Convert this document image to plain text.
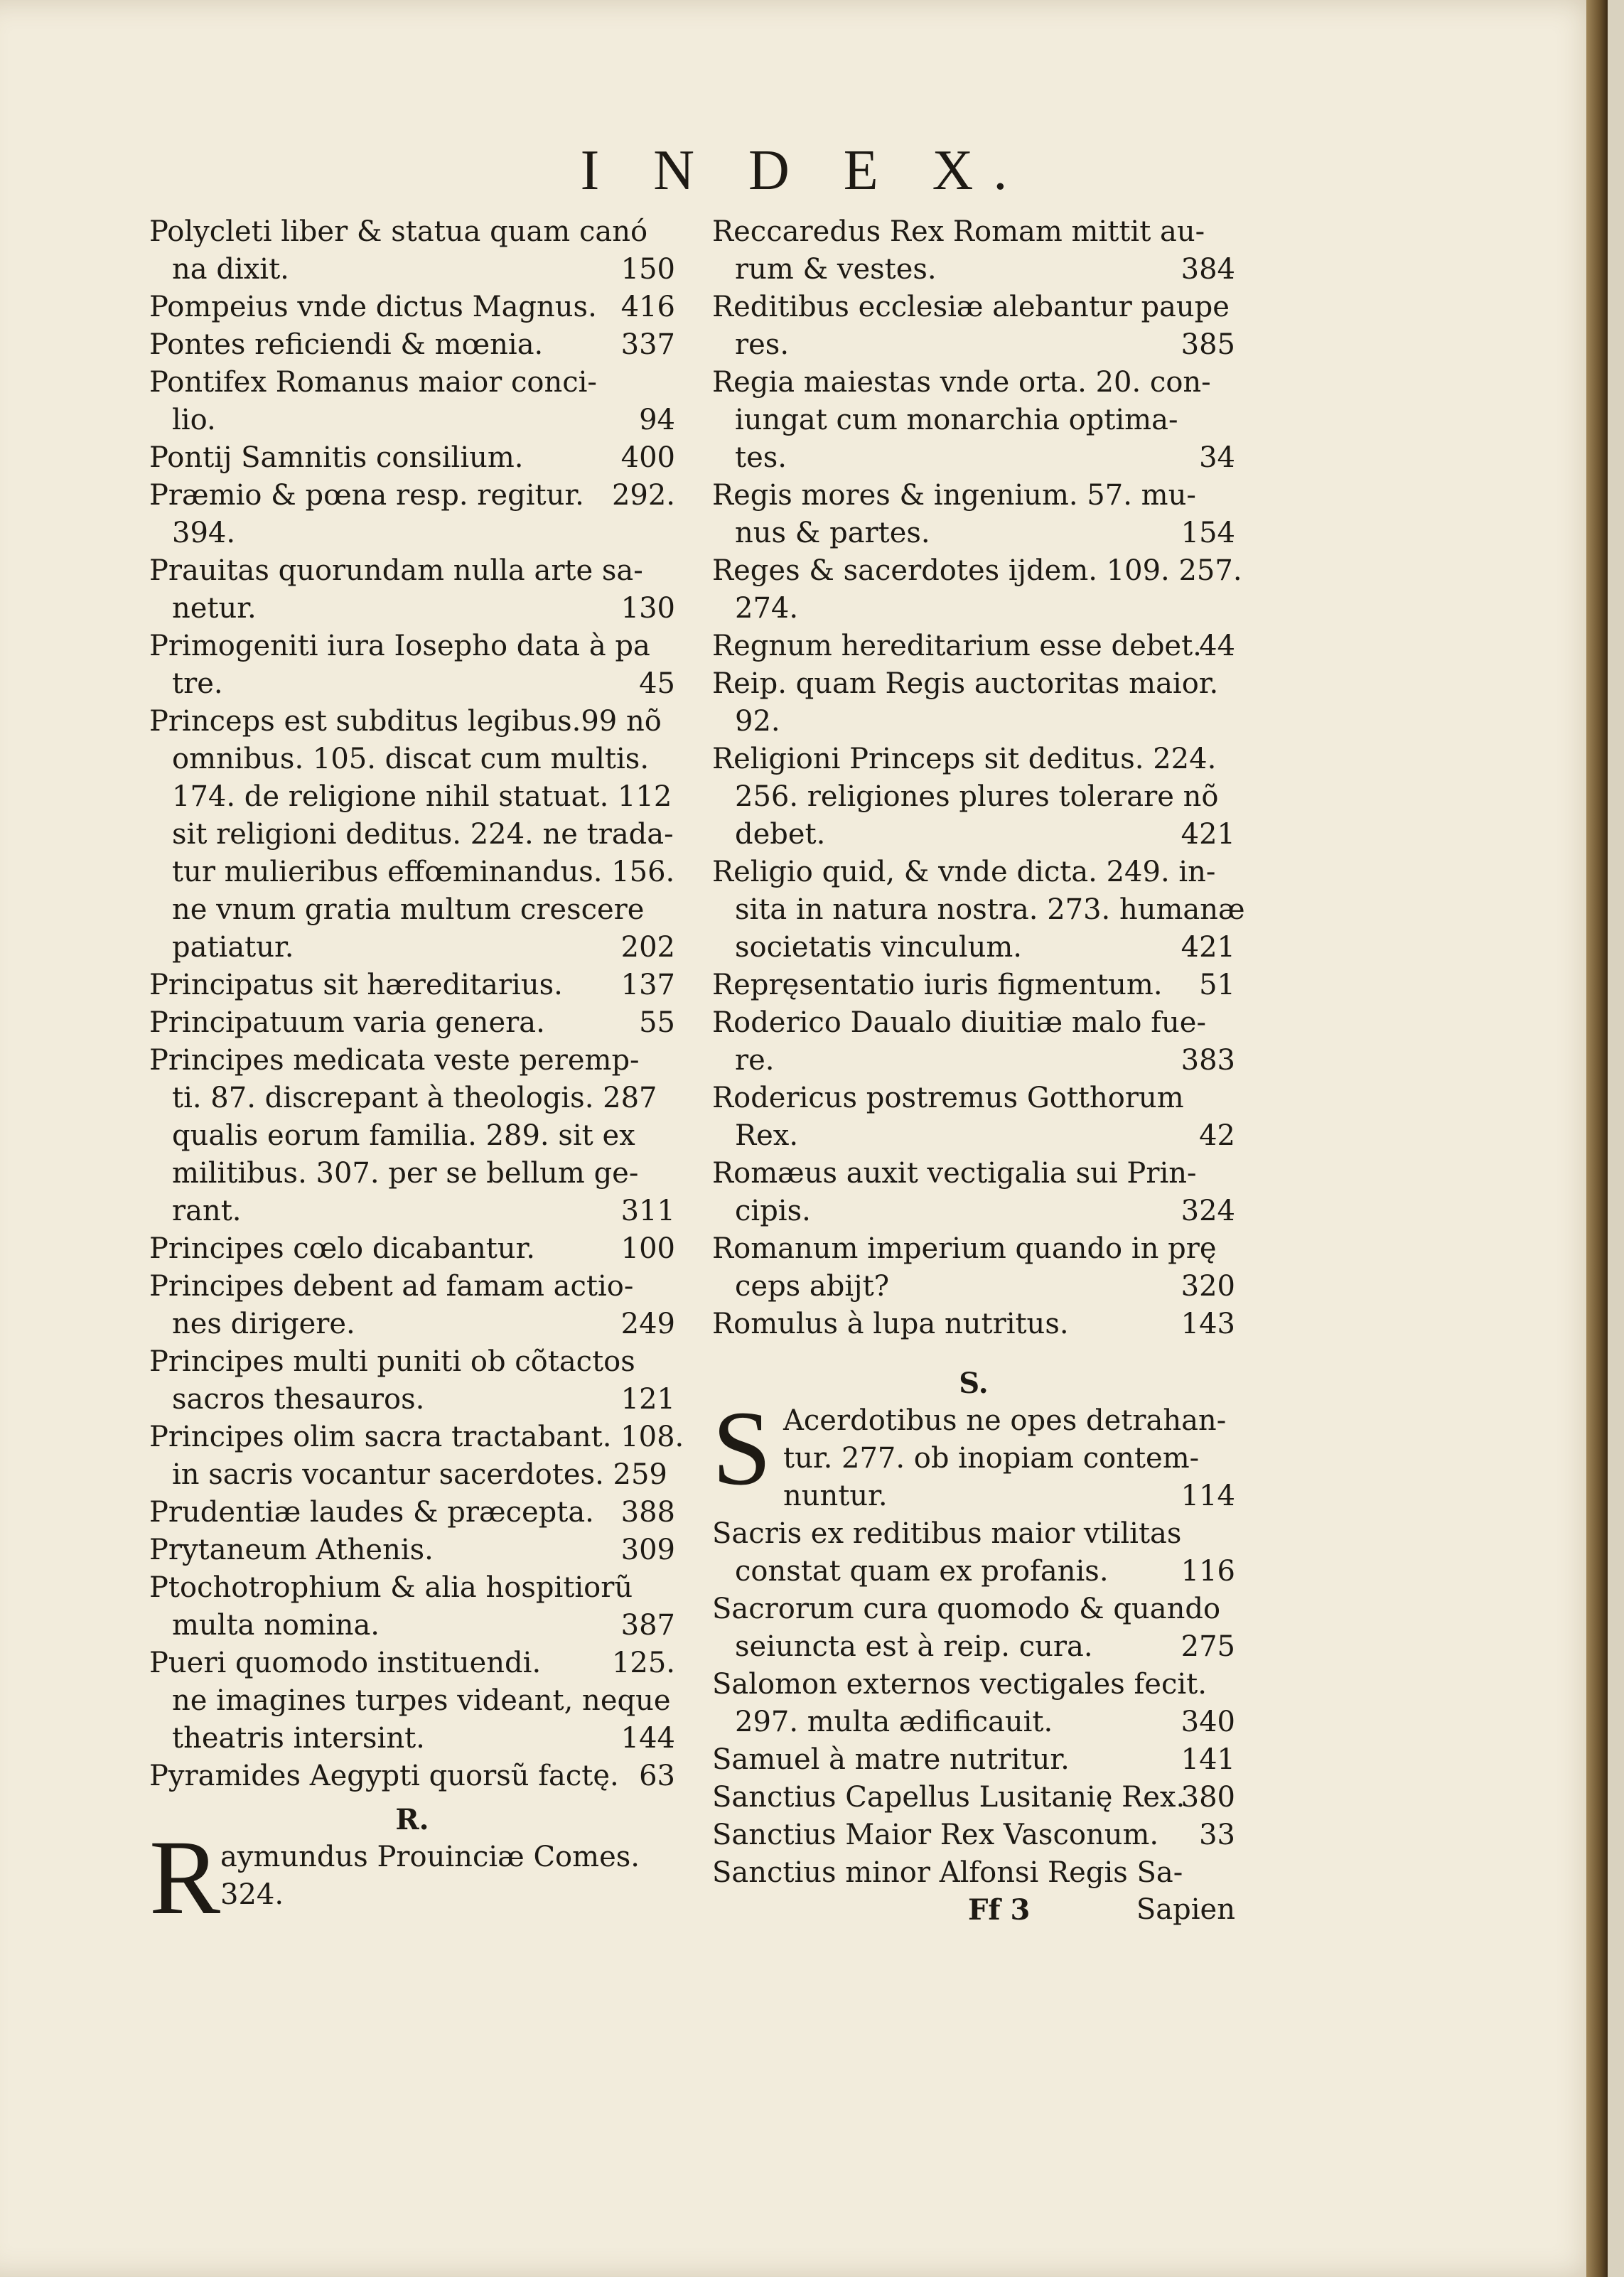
I N D E X.
Polycleti liber & statua quam canó
150
na dixit.
416
Pompeius vnde dictus Magnus.
337
Pontes reficiendi & mœnia.
Pontifex Romanus maior conci-
94
lio.
400
Pontij Samnitis consilium.
292.
Præmio & pœna resp. regitur.
394.
Prauitas quorundam nulla arte sa-
130
netur.
Primogeniti iura Iosepho data à pa
45
tre.
Princeps est subditus legibus.99 nõ
omnibus. 105. discat cum multis.
174. de religione nihil statuat. 112
sit religioni deditus. 224. ne trada-
tur mulieribus effœminandus. 156.
ne vnum gratia multum crescere
202
patiatur.
137
Principatus sit hæreditarius.
55
Principatuum varia genera.
Principes medicata veste peremp-
ti. 87. discrepant à theologis. 287
qualis eorum familia. 289. sit ex
militibus. 307. per se bellum ge-
311
rant.
100
Principes cœlo dicabantur.
Principes debent ad famam actio-
249
nes dirigere.
Principes multi puniti ob cõtactos
121
sacros thesauros.
Principes olim sacra tractabant. 108.
in sacris vocantur sacerdotes. 259
388
Prudentiæ laudes & præcepta.
309
Prytaneum Athenis.
Ptochotrophium & alia hospitiorũ
387
multa nomina.
125.
Pueri quomodo instituendi.
ne imagines turpes videant, neque
144
theatris intersint.
63
Pyramides Aegypti quorsũ factę.
R.
R aymundus Prouinciæ Comes.
324.
Reccaredus Rex Romam mittit au-
384
rum & vestes.
Reditibus ecclesiæ alebantur paupe
385
res.
Regia maiestas vnde orta. 20. con-
iungat cum monarchia optima-
34
tes.
Regis mores & ingenium. 57. mu-
154
nus & partes.
Reges & sacerdotes ijdem. 109. 257.
274.
44
Regnum hereditarium esse debet.
Reip. quam Regis auctoritas maior.
92.
Religioni Princeps sit deditus. 224.
256. religiones plures tolerare nõ
421
debet.
Religio quid, & vnde dicta. 249. in-
sita in natura nostra. 273. humanæ
421
societatis vinculum.
51
Repręsentatio iuris figmentum.
Roderico Daualo diuitiæ malo fue-
383
re.
Rodericus postremus Gotthorum
42
Rex.
Romæus auxit vectigalia sui Prin-
324
cipis.
Romanum imperium quando in prę
320
ceps abijt?
143
Romulus à lupa nutritus.
S.
S Acerdotibus ne opes detrahan-
tur. 277. ob inopiam contem-
nuntur.	114
Sacris ex reditibus maior vtilitas
116
constat quam ex profanis.
Sacrorum cura quomodo & quando
275
seiuncta est à reip. cura.
Salomon externos vectigales fecit.
340
297. multa ædificauit.
141
Samuel à matre nutritur.
380
Sanctius Capellus Lusitanię Rex.
33
Sanctius Maior Rex Vasconum.
Sanctius minor Alfonsi Regis Sa-
Ff 3	Sapien
